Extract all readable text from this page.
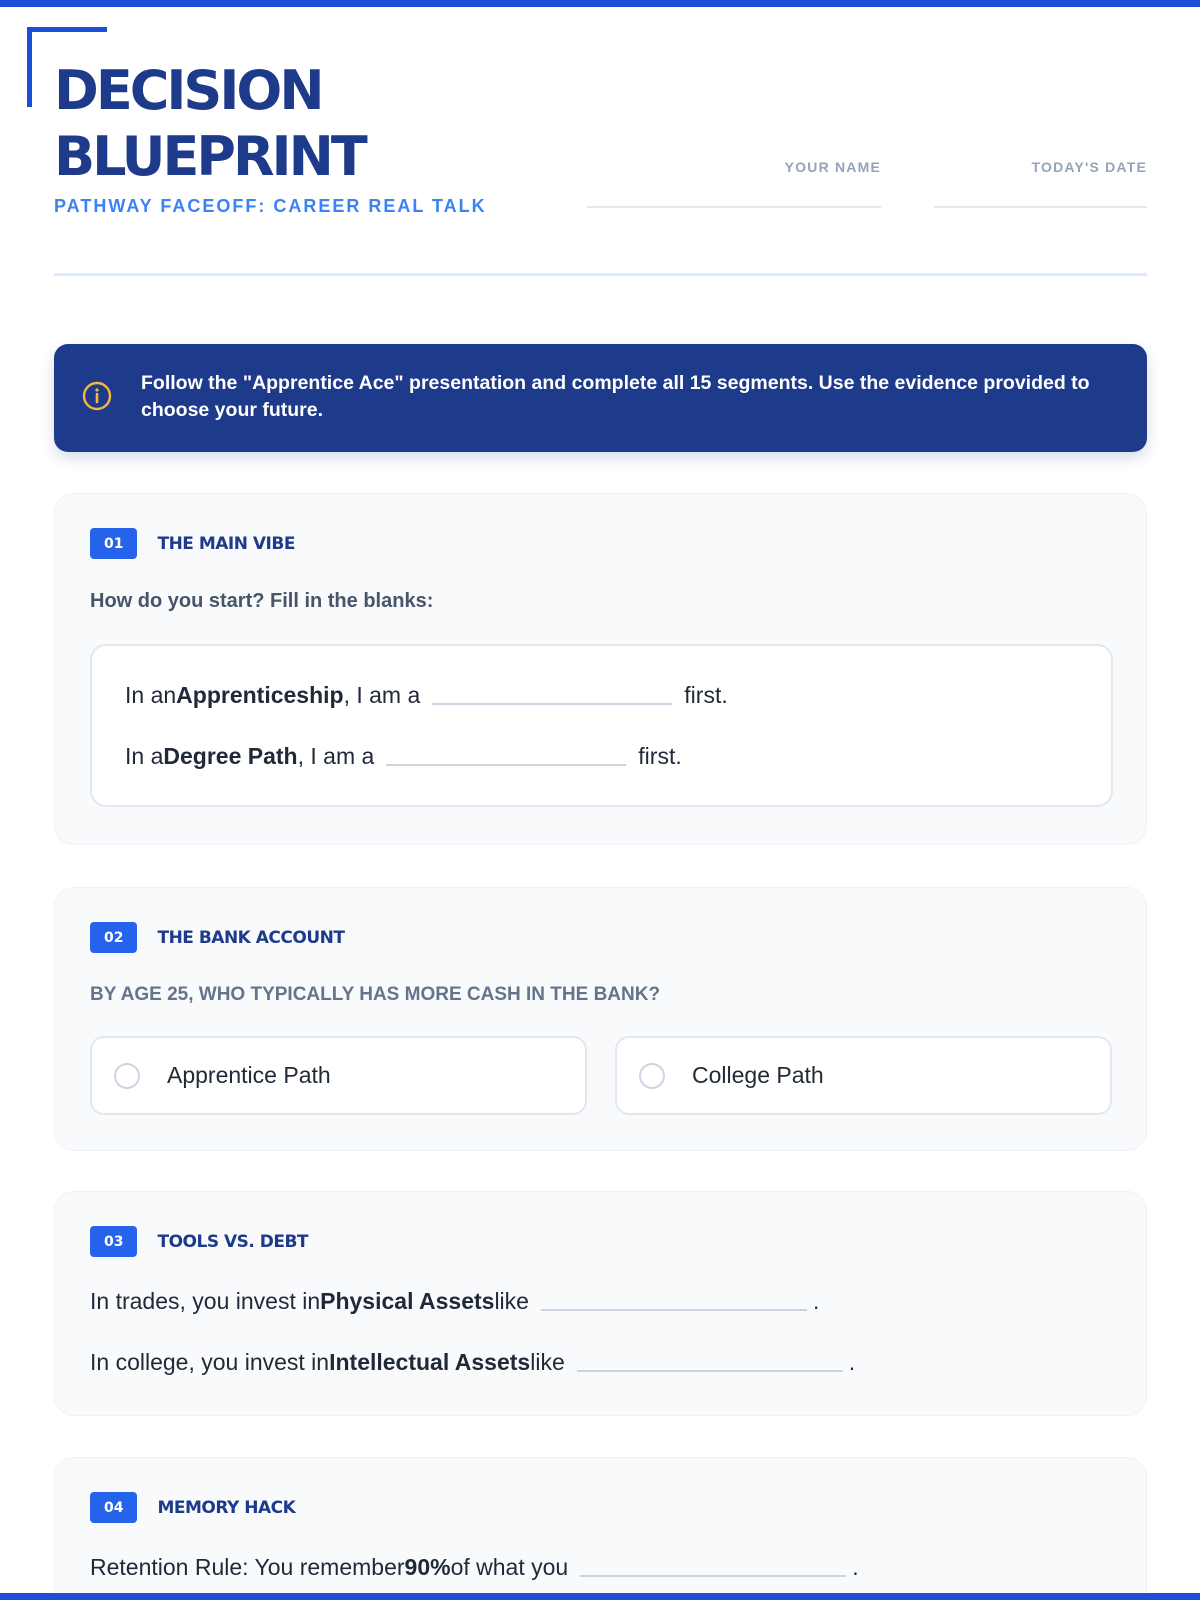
DECISION
BLUEPRINT
PATHWAY FACEOFF: CAREER REAL TALK
YOUR NAME	TODAY'S DATE
Follow the "Apprentice Ace" presentation and complete all 15 segments. Use the evidence provided to choose your future.
01	THE MAIN VIBE
How do you start? Fill in the blanks:
In an Apprenticeship , I am a	first.
In a Degree Path , I am a	first.
02	THE BANK ACCOUNT
BY AGE 25, WHO TYPICALLY HAS MORE CASH IN THE BANK?
Apprentice Path	College Path
03	TOOLS VS. DEBT
In trades, you invest in Physical Assets like	.
In college, you invest in Intellectual Assets like	.
04	MEMORY HACK
Retention Rule: You remember 90% of what you	.
